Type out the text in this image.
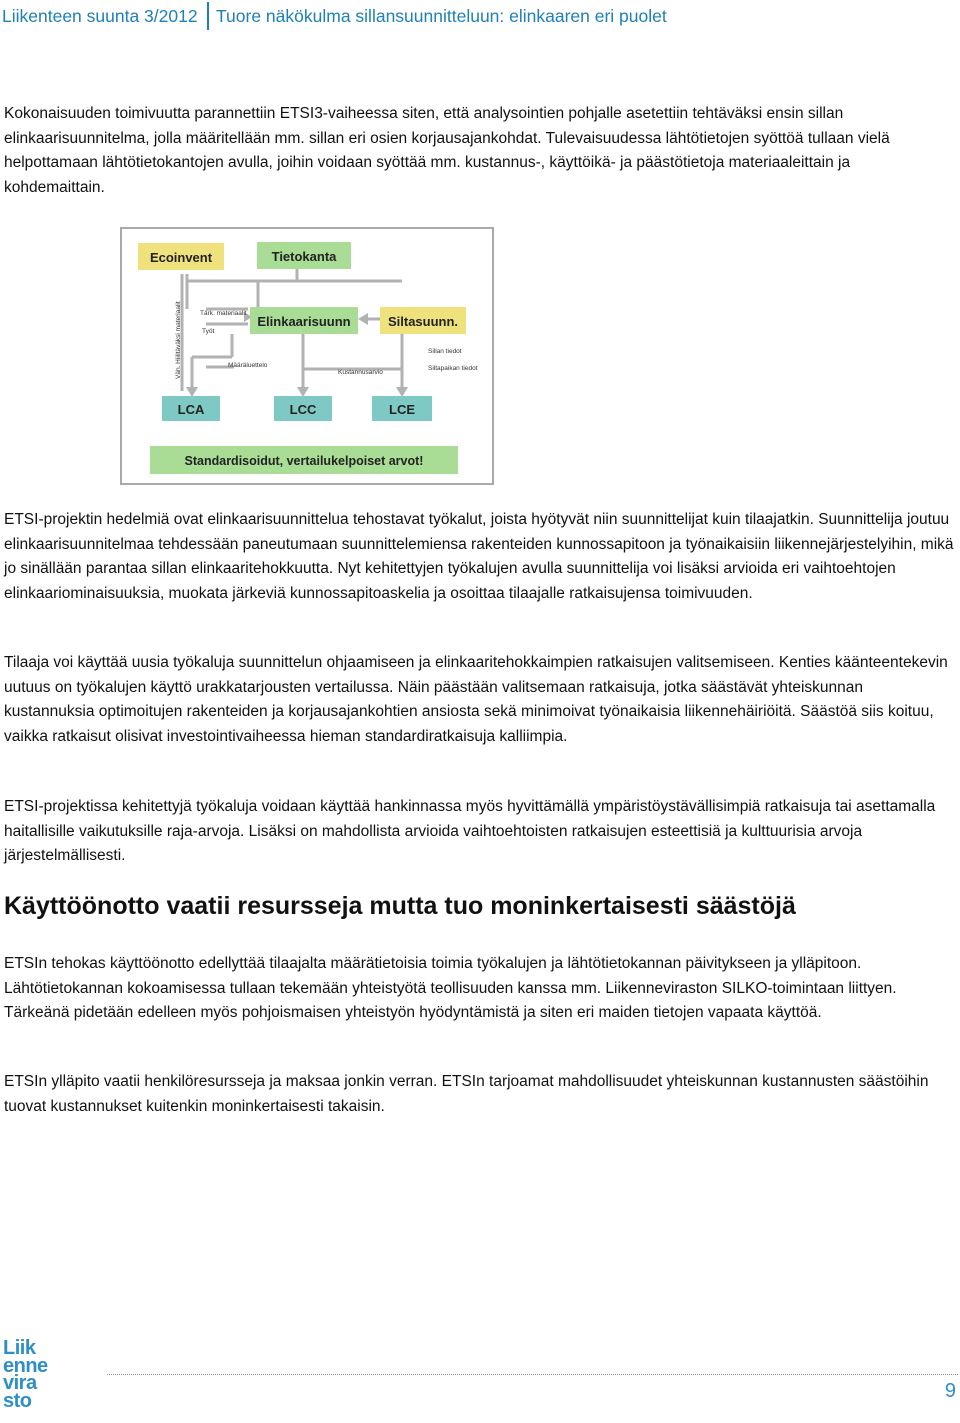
Liikenteen suunta 3/2012 Tuore näkökulma sillansuunnitteluun: elinkaaren eri puolet

Kokonaisuuden toimivuutta parannettiin ETSI3-vaiheessa siten, että analysointien pohjalle asetettiin tehtäväksi ensin sillan elinkaarisuunnitelma, jolla määritellään mm. sillan eri osien korjausajankohdat. Tulevaisuudessa lähtötietojen syöttöä tullaan vielä helpottamaan lähtötietokantojen avulla, joihin voidaan syöttää mm. kustannus-, käyttöikä- ja päästötietoja materiaaleittain ja kohdemaittain.

Ecoinvent	Tietokanta
Elinkaarisuunn	Siltasuunn.
LCA	LCC	LCE
Standardisoidut, vertailukelpoiset arvot!
Tärk. materiaalit
Työt
Määräluettelo
Kustannusarvio
Sillan tiedot
Siltapaikan tiedot
Väh. Hiilitäväksi materiaalit

ETSI-projektin hedelmiä ovat elinkaarisuunnittelua tehostavat työkalut, joista hyötyvät niin suunnittelijat kuin tilaajatkin. Suunnittelija joutuu elinkaarisuunnitelmaa tehdessään paneutumaan suunnittelemiensa rakenteiden kunnossapitoon ja työnaikaisiin liikennejärjestelyihin, mikä jo sinällään parantaa sillan elinkaaritehokkuutta. Nyt kehitettyjen työkalujen avulla suunnittelija voi lisäksi arvioida eri vaihtoehtojen elinkaariominaisuuksia, muokata järkeviä kunnossapitoaskelia ja osoittaa tilaajalle ratkaisujensa toimivuuden.

Tilaaja voi käyttää uusia työkaluja suunnittelun ohjaamiseen ja elinkaaritehokkaimpien ratkaisujen valitsemiseen. Kenties käänteentekevin uutuus on työkalujen käyttö urakkatarjousten vertailussa. Näin päästään valitsemaan ratkaisuja, jotka säästävät yhteiskunnan kustannuksia optimoitujen rakenteiden ja korjausajankohtien ansiosta sekä minimoivat työnaikaisia liikennehäiriöitä. Säästöä siis koituu, vaikka ratkaisut olisivat investointivaiheessa hieman standardiratkaisuja kalliimpia.

ETSI-projektissa kehitettyjä työkaluja voidaan käyttää hankinnassa myös hyvittämällä ympäristöystävällisimpiä ratkaisuja tai asettamalla haitallisille vaikutuksille raja-arvoja. Lisäksi on mahdollista arvioida vaihtoehtoisten ratkaisujen esteettisiä ja kulttuurisia arvoja järjestelmällisesti.

Käyttöönotto vaatii resursseja mutta tuo moninkertaisesti säästöjä

ETSIn tehokas käyttöönotto edellyttää tilaajalta määrätietoisia toimia työkalujen ja lähtötietokannan päivitykseen ja ylläpitoon. Lähtötietokannan kokoamisessa tullaan tekemään yhteistyötä teollisuuden kanssa mm. Liikenneviraston SILKO-toimintaan liittyen. Tärkeänä pidetään edelleen myös pohjoismaisen yhteistyön hyödyntämistä ja siten eri maiden tietojen vapaata käyttöä.

ETSIn ylläpito vaatii henkilöresursseja ja maksaa jonkin verran. ETSIn tarjoamat mahdollisuudet yhteiskunnan kustannusten säästöihin tuovat kustannukset kuitenkin moninkertaisesti takaisin.

Liik
enne
vira
sto	9
